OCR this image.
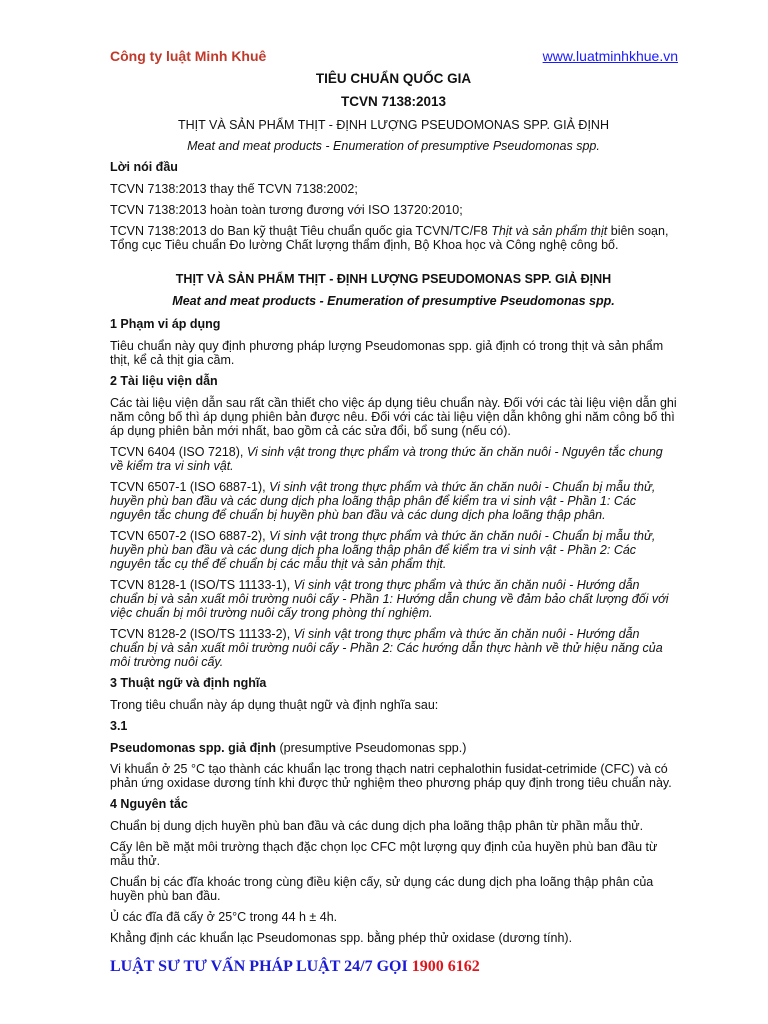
Công ty luật Minh Khuê	www.luatminhkhue.vn
TIÊU CHUẨN QUỐC GIA
TCVN 7138:2013
THỊT VÀ SẢN PHẨM THỊT - ĐỊNH LƯỢNG PSEUDOMONAS SPP. GIẢ ĐỊNH
Meat and meat products - Enumeration of presumptive Pseudomonas spp.
Lời nói đầu

TCVN 7138:2013 thay thế TCVN 7138:2002;

TCVN 7138:2013 hoàn toàn tương đương với ISO 13720:2010;

TCVN 7138:2013 do Ban kỹ thuật Tiêu chuẩn quốc gia TCVN/TC/F8 Thịt và sản phẩm thịt biên soạn, Tổng cục Tiêu chuẩn Đo lường Chất lượng thẩm định, Bộ Khoa học và Công nghệ công bố.

THỊT VÀ SẢN PHẨM THỊT - ĐỊNH LƯỢNG PSEUDOMONAS SPP. GIẢ ĐỊNH
Meat and meat products - Enumeration of presumptive Pseudomonas spp.
1 Phạm vi áp dụng

Tiêu chuẩn này quy định phương pháp lượng Pseudomonas spp. giả định có trong thịt và sản phẩm thịt, kể cả thịt gia cầm.

2 Tài liệu viện dẫn

Các tài liệu viện dẫn sau rất cần thiết cho việc áp dụng tiêu chuẩn này. Đối với các tài liệu viện dẫn ghi năm công bố thì áp dụng phiên bản được nêu. Đối với các tài liệu viện dẫn không ghi năm công bố thì áp dụng phiên bản mới nhất, bao gồm cả các sửa đổi, bổ sung (nếu có).

TCVN 6404 (ISO 7218), Vi sinh vật trong thực phẩm và trong thức ăn chăn nuôi - Nguyên tắc chung về kiểm tra vi sinh vật.

TCVN 6507-1 (ISO 6887-1), Vi sinh vật trong thực phẩm và thức ăn chăn nuôi - Chuẩn bị mẫu thử, huyền phù ban đầu và các dung dịch pha loãng thập phân để kiểm tra vi sinh vật - Phần 1: Các nguyên tắc chung để chuẩn bị huyền phù ban đầu và các dung dịch pha loãng thập phân.

TCVN 6507-2 (ISO 6887-2), Vi sinh vật trong thực phẩm và thức ăn chăn nuôi - Chuẩn bị mẫu thử, huyền phù ban đầu và các dung dịch pha loãng thập phân để kiểm tra vi sinh vật - Phần 2: Các nguyên tắc cụ thể để chuẩn bị các mẫu thịt và sản phẩm thịt.

TCVN 8128-1 (ISO/TS 11133-1), Vi sinh vật trong thực phẩm và thức ăn chăn nuôi - Hướng dẫn chuẩn bị và sản xuất môi trường nuôi cấy - Phần 1: Hướng dẫn chung về đảm bảo chất lượng đối với việc chuẩn bị môi trường nuôi cấy trong phòng thí nghiệm.

TCVN 8128-2 (ISO/TS 11133-2), Vi sinh vật trong thực phẩm và thức ăn chăn nuôi - Hướng dẫn chuẩn bị và sản xuất môi trường nuôi cấy - Phần 2: Các hướng dẫn thực hành về thử hiệu năng của môi trường nuôi cấy.

3 Thuật ngữ và định nghĩa

Trong tiêu chuẩn này áp dụng thuật ngữ và định nghĩa sau:

3.1

Pseudomonas spp. giả định (presumptive Pseudomonas spp.)

Vi khuẩn ở 25 °C tạo thành các khuẩn lạc trong thạch natri cephalothin fusidat-cetrimide (CFC) và có phản ứng oxidase dương tính khi được thử nghiệm theo phương pháp quy định trong tiêu chuẩn này.

4 Nguyên tắc

Chuẩn bị dung dịch huyền phù ban đầu và các dung dịch pha loãng thập phân từ phần mẫu thử.

Cấy lên bề mặt môi trường thạch đặc chọn lọc CFC một lượng quy định của huyền phù ban đầu từ mẫu thử.

Chuẩn bị các đĩa khoác trong cùng điều kiện cấy, sử dụng các dung dịch pha loãng thập phân của huyền phù ban đầu.

Ủ các đĩa đã cấy ở 25°C trong 44 h ± 4h.

Khẳng định các khuẩn lạc Pseudomonas spp. bằng phép thử oxidase (dương tính).

LUẬT SƯ TƯ VẤN PHÁP LUẬT 24/7 GỌI 1900 6162
